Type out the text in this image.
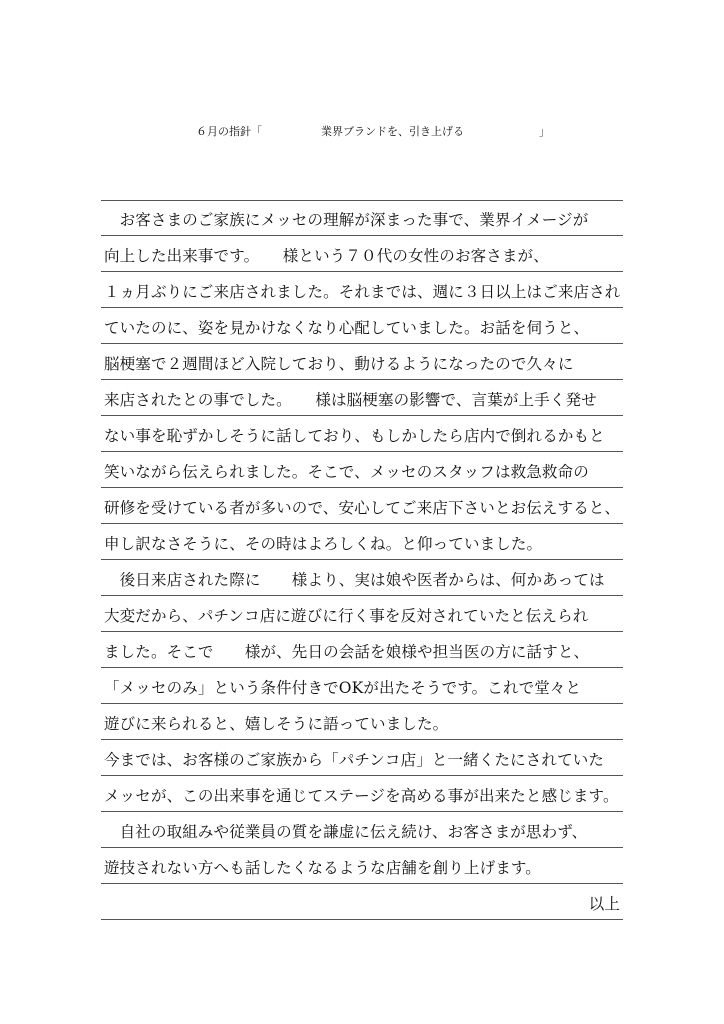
６月の指針「	業界ブランドを、引き上げる	」
　お客さまのご家族にメッセの理解が深まった事で、業界イメージが
向上した出来事です。　　様という７０代の女性のお客さまが、
１ヵ月ぶりにご来店されました。それまでは、週に３日以上はご来店され
ていたのに、姿を見かけなくなり心配していました。お話を伺うと、
脳梗塞で２週間ほど入院しており、動けるようになったので久々に
来店されたとの事でした。　　様は脳梗塞の影響で、言葉が上手く発せ
ない事を恥ずかしそうに話しており、もしかしたら店内で倒れるかもと
笑いながら伝えられました。そこで、メッセのスタッフは救急救命の
研修を受けている者が多いので、安心してご来店下さいとお伝えすると、
申し訳なさそうに、その時はよろしくね。と仰っていました。
　後日来店された際に　　様より、実は娘や医者からは、何かあっては
大変だから、パチンコ店に遊びに行く事を反対されていたと伝えられ
ました。そこで　　様が、先日の会話を娘様や担当医の方に話すと、
「メッセのみ」という条件付きでOKが出たそうです。これで堂々と
遊びに来られると、嬉しそうに語っていました。
今までは、お客様のご家族から「パチンコ店」と一緒くたにされていた
メッセが、この出来事を通じてステージを高める事が出来たと感じます。
　自社の取組みや従業員の質を謙虚に伝え続け、お客さまが思わず、
遊技されない方へも話したくなるような店舗を創り上げます。
以上
